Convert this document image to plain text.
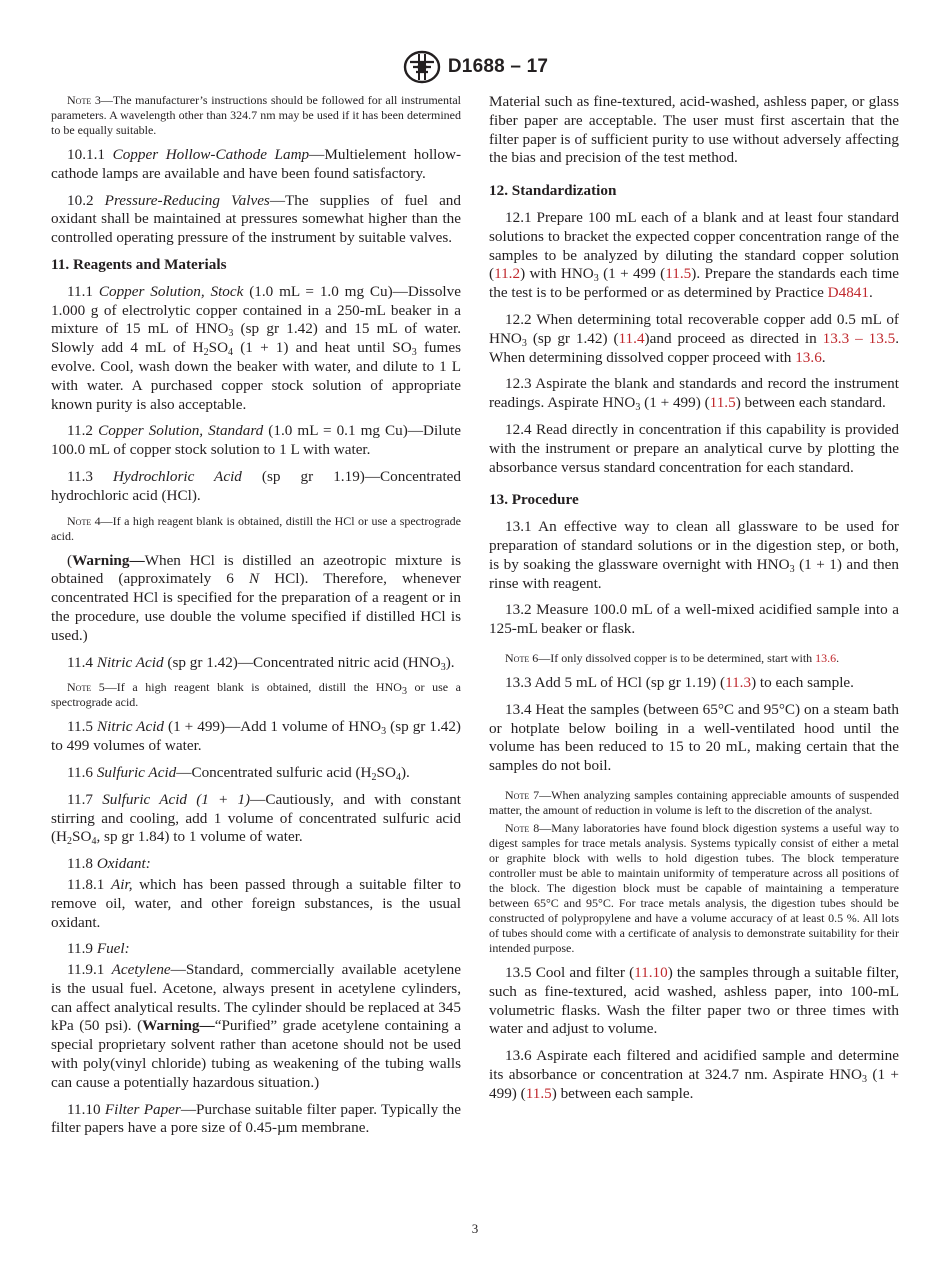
D1688 – 17
Note 3—The manufacturer’s instructions should be followed for all instrumental parameters. A wavelength other than 324.7 nm may be used if it has been determined to be equally suitable.

10.1.1 Copper Hollow-Cathode Lamp—Multielement hollow-cathode lamps are available and have been found satisfactory.

10.2 Pressure-Reducing Valves—The supplies of fuel and oxidant shall be maintained at pressures somewhat higher than the controlled operating pressure of the instrument by suitable valves.

11. Reagents and Materials

11.1 Copper Solution, Stock (1.0 mL = 1.0 mg Cu)—Dissolve 1.000 g of electrolytic copper contained in a 250-mL beaker in a mixture of 15 mL of $HNO_3$ (sp gr 1.42) and 15 mL of water. Slowly add 4 mL of $H_2SO_4$ (1 + 1) and heat until $SO_3$ fumes evolve. Cool, wash down the beaker with water, and dilute to 1 L with water. A purchased copper stock solution of appropriate known purity is also acceptable.

11.2 Copper Solution, Standard (1.0 mL = 0.1 mg Cu)—Dilute 100.0 mL of copper stock solution to 1 L with water.

11.3 Hydrochloric Acid (sp gr 1.19)—Concentrated hydrochloric acid (HCl).

Note 4—If a high reagent blank is obtained, distill the HCl or use a spectrograde acid.

(Warning—When HCl is distilled an azeotropic mixture is obtained (approximately 6 N HCl). Therefore, whenever concentrated HCl is specified for the preparation of a reagent or in the procedure, use double the volume specified if distilled HCl is used.)

11.4 Nitric Acid (sp gr 1.42)—Concentrated nitric acid $(HNO_3)$.

Note 5—If a high reagent blank is obtained, distill the $HNO_3$ or use a spectrograde acid.

11.5 Nitric Acid (1 + 499)—Add 1 volume of $HNO_3$ (sp gr 1.42) to 499 volumes of water.

11.6 Sulfuric Acid—Concentrated sulfuric acid $(H_2SO_4)$.

11.7 Sulfuric Acid (1 + 1)—Cautiously, and with constant stirring and cooling, add 1 volume of concentrated sulfuric acid ($H_2SO_4$, sp gr 1.84) to 1 volume of water.

11.8 Oxidant:

11.8.1 Air, which has been passed through a suitable filter to remove oil, water, and other foreign substances, is the usual oxidant.

11.9 Fuel:

11.9.1 Acetylene—Standard, commercially available acetylene is the usual fuel. Acetone, always present in acetylene cylinders, can affect analytical results. The cylinder should be replaced at 345 kPa (50 psi). (Warning—“Purified” grade acetylene containing a special proprietary solvent rather than acetone should not be used with poly(vinyl chloride) tubing as weakening of the tubing walls can cause a potentially hazardous situation.)

11.10 Filter Paper—Purchase suitable filter paper. Typically the filter papers have a pore size of 0.45-µm membrane.

Material such as fine-textured, acid-washed, ashless paper, or glass fiber paper are acceptable. The user must first ascertain that the filter paper is of sufficient purity to use without adversely affecting the bias and precision of the test method.

12. Standardization

12.1 Prepare 100 mL each of a blank and at least four standard solutions to bracket the expected copper concentration range of the samples to be analyzed by diluting the standard copper solution (11.2) with $HNO_3$ (1 + 499 (11.5). Prepare the standards each time the test is to be performed or as determined by Practice D4841.

12.2 When determining total recoverable copper add 0.5 mL of $HNO_3$ (sp gr 1.42) (11.4)and proceed as directed in 13.3 – 13.5. When determining dissolved copper proceed with 13.6.

12.3 Aspirate the blank and standards and record the instrument readings. Aspirate $HNO_3$ (1 + 499) (11.5) between each standard.

12.4 Read directly in concentration if this capability is provided with the instrument or prepare an analytical curve by plotting the absorbance versus standard concentration for each standard.

13. Procedure

13.1 An effective way to clean all glassware to be used for preparation of standard solutions or in the digestion step, or both, is by soaking the glassware overnight with $HNO_3$ (1 + 1) and then rinse with reagent.

13.2 Measure 100.0 mL of a well-mixed acidified sample into a 125-mL beaker or flask.

Note 6—If only dissolved copper is to be determined, start with 13.6.

13.3 Add 5 mL of HCl (sp gr 1.19) (11.3) to each sample.

13.4 Heat the samples (between 65°C and 95°C) on a steam bath or hotplate below boiling in a well-ventilated hood until the volume has been reduced to 15 to 20 mL, making certain that the samples do not boil.

Note 7—When analyzing samples containing appreciable amounts of suspended matter, the amount of reduction in volume is left to the discretion of the analyst.
Note 8—Many laboratories have found block digestion systems a useful way to digest samples for trace metals analysis. Systems typically consist of either a metal or graphite block with wells to hold digestion tubes. The block temperature controller must be able to maintain uniformity of temperature across all positions of the block. The digestion block must be capable of maintaining a temperature between 65°C and 95°C. For trace metals analysis, the digestion tubes should be constructed of polypropylene and have a volume accuracy of at least 0.5 %. All lots of tubes should come with a certificate of analysis to demonstrate suitability for their intended purpose.

13.5 Cool and filter (11.10) the samples through a suitable filter, such as fine-textured, acid washed, ashless paper, into 100-mL volumetric flasks. Wash the filter paper two or three times with water and adjust to volume.

13.6 Aspirate each filtered and acidified sample and determine its absorbance or concentration at 324.7 nm. Aspirate $HNO_3$ (1 + 499) (11.5) between each sample.

3
